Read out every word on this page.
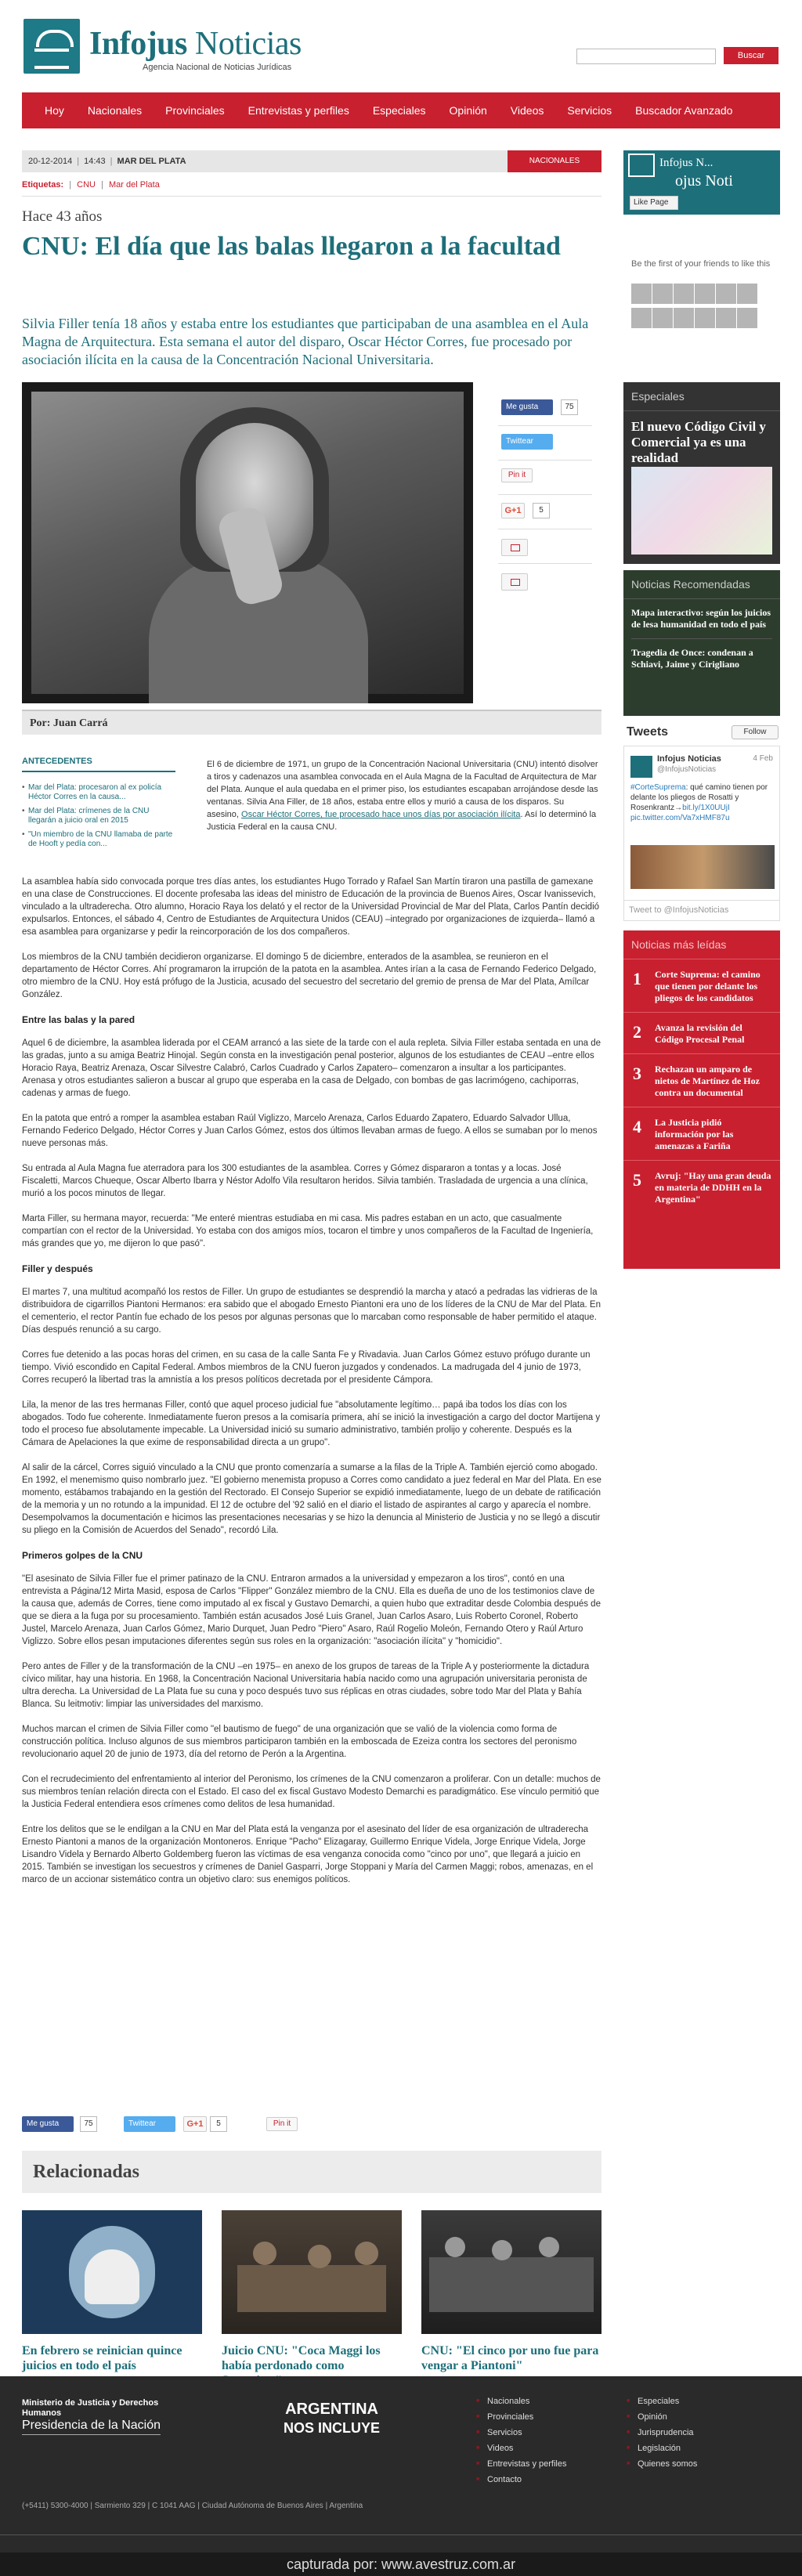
Infojus Noticias
Agencia Nacional de Noticias Jurídicas
Buscar
Hoy	Nacionales	Provinciales	Entrevistas y perfiles	Especiales	Opinión	Videos	Servicios	Buscador Avanzado
20-12-2014 | 14:43 | MAR DEL PLATA	NACIONALES
Etiquetas: | CNU | Mar del Plata
Hace 43 años
CNU: El día que las balas llegaron a la facultad
Silvia Filler tenía 18 años y estaba entre los estudiantes que participaban de una asamblea en el Aula Magna de Arquitectura. Esta semana el autor del disparo, Oscar Héctor Corres, fue procesado por asociación ilícita en la causa de la Concentración Nacional Universitaria.
Me gusta	75
Twittear
Pin it
G+1	5
Por: Juan Carrá
ANTECEDENTES
• Mar del Plata: procesaron al ex policía Héctor Corres en la causa...
• Mar del Plata: crímenes de la CNU llegarán a juicio oral en 2015
• "Un miembro de la CNU llamaba de parte de Hooft y pedía con...
El 6 de diciembre de 1971, un grupo de la Concentración Nacional Universitaria (CNU) intentó disolver a tiros y cadenazos una asamblea convocada en el Aula Magna de la Facultad de Arquitectura de Mar del Plata. Aunque el aula quedaba en el primer piso, los estudiantes escapaban arrojándose desde las ventanas. Silvia Ana Filler, de 18 años, estaba entre ellos y murió a causa de los disparos. Su asesino, Oscar Héctor Corres, fue procesado hace unos días por asociación ilícita. Así lo determinó la Justicia Federal en la causa CNU.

La asamblea había sido convocada porque tres días antes, los estudiantes Hugo Torrado y Rafael San Martín tiraron una pastilla de gamexane en una clase de Construcciones. El docente profesaba las ideas del ministro de Educación de la provincia de Buenos Aires, Oscar Ivanissevich, vinculado a la ultraderecha. Otro alumno, Horacio Raya los delató y el rector de la Universidad Provincial de Mar del Plata, Carlos Pantín decidió expulsarlos. Entonces, el sábado 4, Centro de Estudiantes de Arquitectura Unidos (CEAU) –integrado por organizaciones de izquierda– llamó a esa asamblea para organizarse y pedir la reincorporación de los dos compañeros.

Los miembros de la CNU también decidieron organizarse. El domingo 5 de diciembre, enterados de la asamblea, se reunieron en el departamento de Héctor Corres. Ahí programaron la irrupción de la patota en la asamblea. Antes irían a la casa de Fernando Federico Delgado, otro miembro de la CNU. Hoy está prófugo de la Justicia, acusado del secuestro del secretario del gremio de prensa de Mar del Plata, Amílcar González.

Entre las balas y la pared

Aquel 6 de diciembre, la asamblea liderada por el CEAM arrancó a las siete de la tarde con el aula repleta. Silvia Filler estaba sentada en una de las gradas, junto a su amiga Beatriz Hinojal. Según consta en la investigación penal posterior, algunos de los estudiantes de CEAU –entre ellos Horacio Raya, Beatriz Arenaza, Oscar Silvestre Calabró, Carlos Cuadrado y Carlos Zapatero– comenzaron a insultar a los participantes. Arenasa y otros estudiantes salieron a buscar al grupo que esperaba en la casa de Delgado, con bombas de gas lacrimógeno, cachiporras, cadenas y armas de fuego.

En la patota que entró a romper la asamblea estaban Raúl Viglizzo, Marcelo Arenaza, Carlos Eduardo Zapatero, Eduardo Salvador Ullua, Fernando Federico Delgado, Héctor Corres y Juan Carlos Gómez, estos dos últimos llevaban armas de fuego. A ellos se sumaban por lo menos nueve personas más.

Su entrada al Aula Magna fue aterradora para los 300 estudiantes de la asamblea. Corres y Gómez dispararon a tontas y a locas. José Fiscaletti, Marcos Chueque, Oscar Alberto Ibarra y Néstor Adolfo Vila resultaron heridos. Silvia también. Trasladada de urgencia a una clínica, murió a los pocos minutos de llegar.

Marta Filler, su hermana mayor, recuerda: "Me enteré mientras estudiaba en mi casa. Mis padres estaban en un acto, que casualmente compartían con el rector de la Universidad. Yo estaba con dos amigos míos, tocaron el timbre y unos compañeros de la Facultad de Ingeniería, más grandes que yo, me dijeron lo que pasó".

Filler y después

El martes 7, una multitud acompañó los restos de Filler. Un grupo de estudiantes se desprendió la marcha y atacó a pedradas las vidrieras de la distribuidora de cigarrillos Piantoni Hermanos: era sabido que el abogado Ernesto Piantoni era uno de los líderes de la CNU de Mar del Plata. En el cementerio, el rector Pantín fue echado de los pesos por algunas personas que lo marcaban como responsable de haber permitido el ataque. Días después renunció a su cargo.

Corres fue detenido a las pocas horas del crimen, en su casa de la calle Santa Fe y Rivadavia. Juan Carlos Gómez estuvo prófugo durante un tiempo. Vivió escondido en Capital Federal. Ambos miembros de la CNU fueron juzgados y condenados. La madrugada del 4 junio de 1973, Corres recuperó la libertad tras la amnistía a los presos políticos decretada por el presidente Cámpora.

Lila, la menor de las tres hermanas Filler, contó que aquel proceso judicial fue "absolutamente legítimo… papá iba todos los días con los abogados. Todo fue coherente. Inmediatamente fueron presos a la comisaría primera, ahí se inició la investigación a cargo del doctor Martijena y todo el proceso fue absolutamente impecable. La Universidad inició su sumario administrativo, también prolijo y coherente. Después es la Cámara de Apelaciones la que exime de responsabilidad directa a un grupo".

Al salir de la cárcel, Corres siguió vinculado a la CNU que pronto comenzaría a sumarse a la filas de la Triple A. También ejerció como abogado. En 1992, el menemismo quiso nombrarlo juez. "El gobierno menemista propuso a Corres como candidato a juez federal en Mar del Plata. En ese momento, estábamos trabajando en la gestión del Rectorado. El Consejo Superior se expidió inmediatamente, luego de un debate de ratificación de la memoria y un no rotundo a la impunidad. El 12 de octubre del '92 salió en el diario el listado de aspirantes al cargo y aparecía el nombre. Desempolvamos la documentación e hicimos las presentaciones necesarias y se hizo la denuncia al Ministerio de Justicia y no se llegó a discutir su pliego en la Comisión de Acuerdos del Senado", recordó Lila.

Primeros golpes de la CNU

"El asesinato de Silvia Filler fue el primer patinazo de la CNU. Entraron armados a la universidad y empezaron a los tiros", contó en una entrevista a Página/12 Mirta Masid, esposa de Carlos "Flipper" González miembro de la CNU. Ella es dueña de uno de los testimonios clave de la causa que, además de Corres, tiene como imputado al ex fiscal y Gustavo Demarchi, a quien hubo que extraditar desde Colombia después de que se diera a la fuga por su procesamiento. También están acusados José Luis Granel, Juan Carlos Asaro, Luis Roberto Coronel, Roberto Justel, Marcelo Arenaza, Juan Carlos Gómez, Mario Durquet, Juan Pedro "Piero" Asaro, Raúl Rogelio Moleón, Fernando Otero y Raúl Arturo Viglizzo. Sobre ellos pesan imputaciones diferentes según sus roles en la organización: "asociación ilícita" y "homicidio".

Pero antes de Filler y de la transformación de la CNU –en 1975– en anexo de los grupos de tareas de la Triple A y posteriormente la dictadura cívico militar, hay una historia. En 1968, la Concentración Nacional Universitaria había nacido como una agrupación universitaria peronista de ultra derecha. La Universidad de La Plata fue su cuna y poco después tuvo sus réplicas en otras ciudades, sobre todo Mar del Plata y Bahía Blanca. Su leitmotiv: limpiar las universidades del marxismo.

Muchos marcan el crimen de Silvia Filler como "el bautismo de fuego" de una organización que se valió de la violencia como forma de construcción política. Incluso algunos de sus miembros participaron también en la emboscada de Ezeiza contra los sectores del peronismo revolucionario aquel 20 de junio de 1973, día del retorno de Perón a la Argentina.

Con el recrudecimiento del enfrentamiento al interior del Peronismo, los crímenes de la CNU comenzaron a proliferar. Con un detalle: muchos de sus miembros tenían relación directa con el Estado. El caso del ex fiscal Gustavo Modesto Demarchi es paradigmático. Ese vínculo permitió que la Justicia Federal entendiera esos crímenes como delitos de lesa humanidad.

Entre los delitos que se le endilgan a la CNU en Mar del Plata está la venganza por el asesinato del líder de esa organización de ultraderecha Ernesto Piantoni a manos de la organización Montoneros. Enrique "Pacho" Elizagaray, Guillermo Enrique Videla, Jorge Enrique Videla, Jorge Lisandro Videla y Bernardo Alberto Goldemberg fueron las víctimas de esa venganza conocida como "cinco por uno", que llegará a juicio en 2015. También se investigan los secuestros y crímenes de Daniel Gasparri, Jorge Stoppani y María del Carmen Maggi; robos, amenazas, en el marco de un accionar sistemático contra un objetivo claro: sus enemigos políticos.

Me gusta	75	Twittear	G+1	5	Pin it
Relacionadas
En febrero se reinician quince juicios en todo el país
Juicio CNU: "Coca Maggi los había perdonado como
CNU: "El cinco por uno fue para vengar a Piantoni"
Infojus N...
ojus Noti
Like Page
Be the first of your friends to like this
Especiales
El nuevo Código Civil y Comercial ya es una realidad
Noticias Recomendadas
Mapa interactivo: según los juicios de lesa humanidad en todo el país
Tragedia de Once: condenan a Schiavi, Jaime y Cirigliano
Tweets	Follow
Infojus Noticias
@InfojusNoticias
4 Feb
#CorteSuprema: qué camino tienen por delante los pliegos de Rosatti y Rosenkrantz→bit.ly/1X0UUjI
pic.twitter.com/Va7xHMF87u
Tweet to @InfojusNoticias
Noticias más leídas
1 Corte Suprema: el camino que tienen por delante los pliegos de los candidatos
2 Avanza la revisión del Código Procesal Penal
3 Rechazan un amparo de nietos de Martínez de Hoz contra un documental
4 La Justicia pidió información por las amenazas a Fariña
5 Avruj: "Hay una gran deuda en materia de DDHH en la Argentina"
Ministerio de Justicia y Derechos Humanos
Presidencia de la Nación
ARGENTINA
NOS INCLUYE
■ Nacionales
■ Provinciales
■ Servicios
■ Videos
■ Entrevistas y perfiles
■ Contacto
■ Especiales
■ Opinión
■ Jurisprudencia
■ Legislación
■ Quienes somos
(+5411) 5300-4000 | Sarmiento 329 | C 1041 AAG | Ciudad Autónoma de Buenos Aires | Argentina
capturada por: www.avestruz.com.ar
